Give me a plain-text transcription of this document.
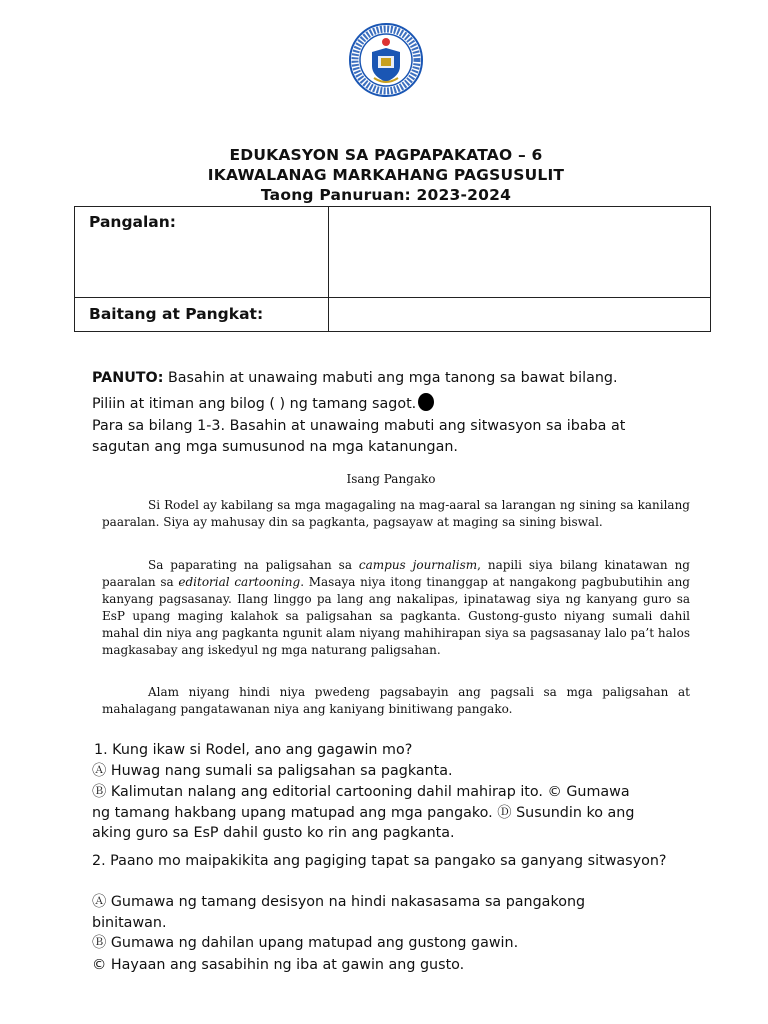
EDUKASYON SA PAGPAPAKATAO – 6
IKAWALANAG MARKAHANG PAGSUSULIT
Taong Panuruan: 2023-2024
Pangalan:
Baitang at Pangkat:
PANUTO: Basahin at unawaing mabuti ang mga tanong sa bawat bilang.
Piliin at itiman ang bilog ( ) ng tamang sagot.
Para sa bilang 1-3. Basahin at unawaing mabuti ang sitwasyon sa ibaba at sagutan ang mga sumusunod na mga katanungan.
Isang Pangako
Si Rodel ay kabilang sa mga magagaling na mag-aaral sa larangan ng sining sa kanilang paaralan. Siya ay mahusay din sa pagkanta, pagsayaw at maging sa sining biswal.
Sa paparating na paligsahan sa campus journalism, napili siya bilang kinatawan ng paaralan sa editorial cartooning. Masaya niya itong tinanggap at nangakong pagbubutihin ang kanyang pagsasanay. Ilang linggo pa lang ang nakalipas, ipinatawag siya ng kanyang guro sa EsP upang maging kalahok sa paligsahan sa pagkanta. Gustong-gusto niyang sumali dahil mahal din niya ang pagkanta ngunit alam niyang mahihirapan siya sa pagsasanay lalo pa’t halos magkasabay ang iskedyul ng mga naturang paligsahan.
Alam niyang hindi niya pwedeng pagsabayin ang pagsali sa mga paligsahan at mahalagang pangatawanan niya ang kaniyang binitiwang pangako.
1. Kung ikaw si Rodel, ano ang gagawin mo?
Ⓐ Huwag nang sumali sa paligsahan sa pagkanta.
Ⓑ Kalimutan nalang ang editorial cartooning dahil mahirap ito. © Gumawa ng tamang hakbang upang matupad ang mga pangako. Ⓓ Susundin ko ang aking guro sa EsP dahil gusto ko rin ang pagkanta.
2. Paano mo maipakikita ang pagiging tapat sa pangako sa ganyang sitwasyon?
Ⓐ Gumawa ng tamang desisyon na hindi nakasasama sa pangakong binitawan.
Ⓑ Gumawa ng dahilan upang matupad ang gustong gawin.
© Hayaan ang sasabihin ng iba at gawin ang gusto.
